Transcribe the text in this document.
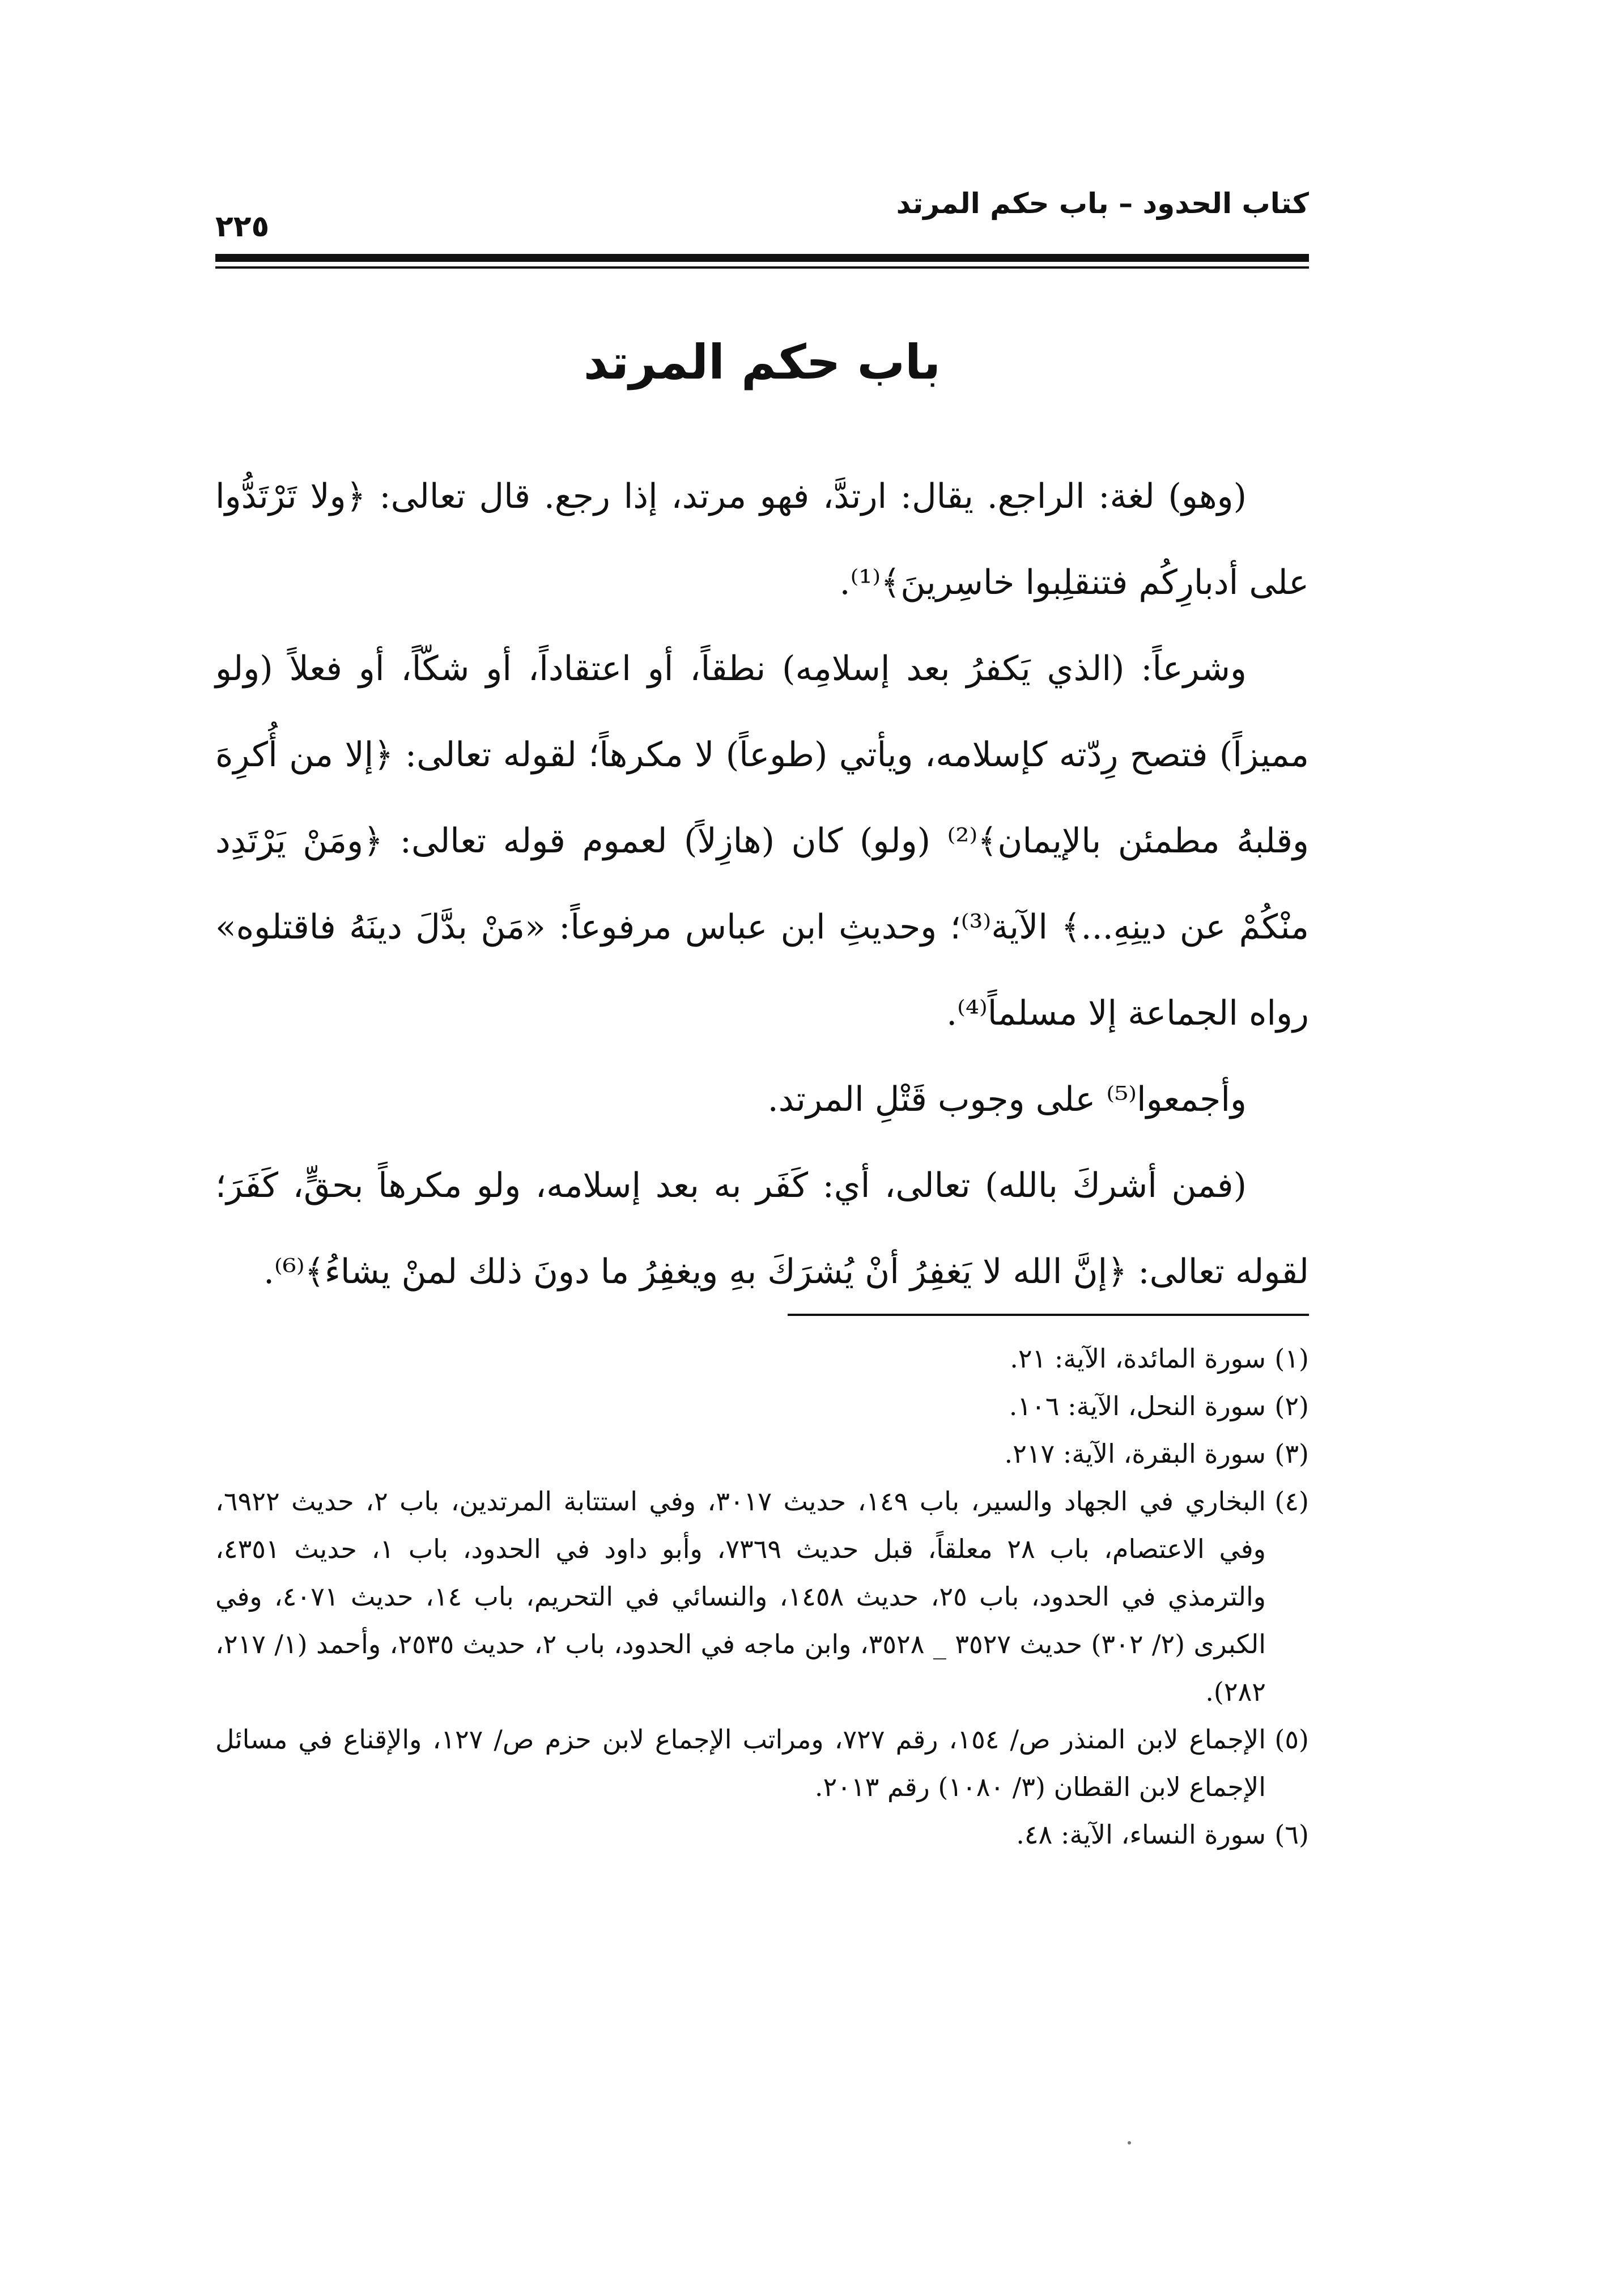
كتاب الحدود – باب حكم المرتد
٢٢٥
باب حكم المرتد

(وهو) لغة: الراجع. يقال: ارتدَّ، فهو مرتد، إذا رجع. قال تعالى: ﴿ولا تَرْتَدُّوا على أدبارِكُم فتنقلِبوا خاسِرينَ﴾⁽¹⁾.

وشرعاً: (الذي يَكفرُ بعد إسلامِه) نطقاً، أو اعتقاداً، أو شكّاً، أو فعلاً (ولو مميزاً) فتصح رِدّته كإسلامه، ويأتي (طوعاً) لا مكرهاً؛ لقوله تعالى: ﴿إلا من أُكرِهَ وقلبهُ مطمئن بالإيمان﴾⁽²⁾ (ولو) كان (هازِلاً) لعموم قوله تعالى: ﴿ومَنْ يَرْتَدِد منْكُمْ عن دينِهِ...﴾ الآية⁽³⁾؛ وحديثِ ابن عباس مرفوعاً: «مَنْ بدَّلَ دينَهُ فاقتلوه» رواه الجماعة إلا مسلماً⁽⁴⁾.

وأجمعوا⁽⁵⁾ على وجوب قَتْلِ المرتد.

(فمن أشركَ بالله) تعالى، أي: كَفَر به بعد إسلامه، ولو مكرهاً بحقٍّ، كَفَرَ؛ لقوله تعالى: ﴿إنَّ الله لا يَغفِرُ أنْ يُشرَكَ بهِ ويغفِرُ ما دونَ ذلك لمنْ يشاءُ﴾⁽⁶⁾.

(١)
سورة المائدة، الآية: ٢١.
(٢)
سورة النحل، الآية: ١٠٦.
(٣)
سورة البقرة، الآية: ٢١٧.
(٤)
البخاري في الجهاد والسير، باب ١٤٩، حديث ٣٠١٧، وفي استتابة المرتدين، باب ٢، حديث ٦٩٢٢، وفي الاعتصام، باب ٢٨ معلقاً، قبل حديث ٧٣٦٩، وأبو داود في الحدود، باب ١، حديث ٤٣٥١، والترمذي في الحدود، باب ٢٥، حديث ١٤٥٨، والنسائي في التحريم، باب ١٤، حديث ٤٠٧١، وفي الكبرى (٢/ ٣٠٢) حديث ٣٥٢٧ _ ٣٥٢٨، وابن ماجه في الحدود، باب ٢، حديث ٢٥٣٥، وأحمد (١/ ٢١٧، ٢٨٢).
(٥)
الإجماع لابن المنذر ص/ ١٥٤، رقم ٧٢٧، ومراتب الإجماع لابن حزم ص/ ١٢٧، والإقناع في مسائل الإجماع لابن القطان (٣/ ١٠٨٠) رقم ٢٠١٣.
(٦)
سورة النساء، الآية: ٤٨.
